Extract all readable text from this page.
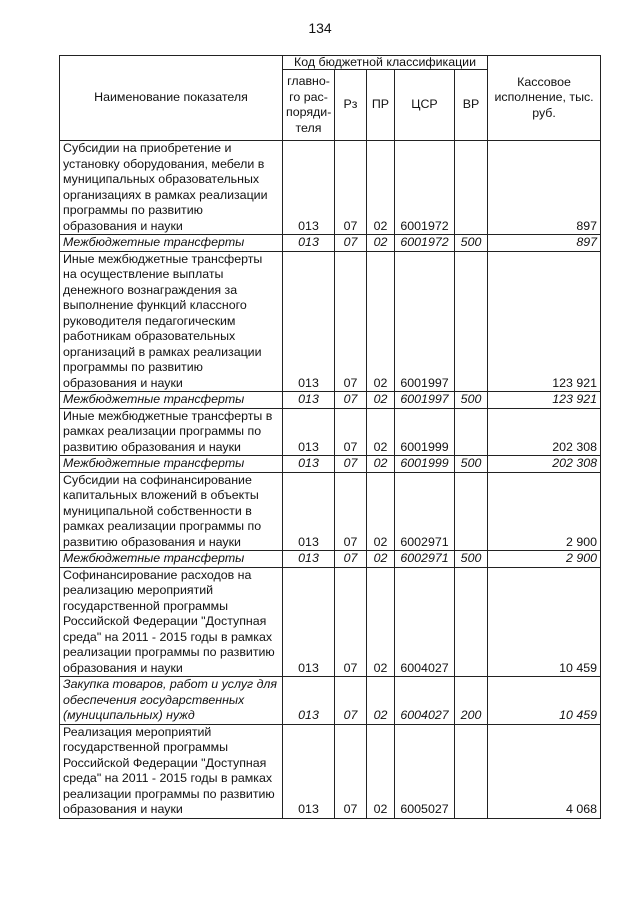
134
Наименование показателя	Код бюджетной классификации					Кассовое исполнение, тыс. руб.
	главно-го рас-поряди-теля	Рз	ПР	ЦСР	ВР	
Субсидии на приобретение и установку оборудования, мебели в муниципальных образовательных организациях в рамках реализации программы по развитию образования и науки	013	07	02	6001972		897
Межбюджетные трансферты	013	07	02	6001972	500	897
Иные межбюджетные трансферты на осуществление выплаты денежного вознаграждения за выполнение функций классного руководителя педагогическим работникам образовательных организаций в рамках реализации программы по развитию образования и науки	013	07	02	6001997		123 921
Межбюджетные трансферты	013	07	02	6001997	500	123 921
Иные межбюджетные трансферты в рамках реализации программы по развитию образования и науки	013	07	02	6001999		202 308
Межбюджетные трансферты	013	07	02	6001999	500	202 308
Субсидии на софинансирование капитальных вложений в объекты муниципальной собственности в рамках реализации программы по развитию образования и науки	013	07	02	6002971		2 900
Межбюджетные трансферты	013	07	02	6002971	500	2 900
Софинансирование расходов на реализацию мероприятий государственной программы Российской Федерации "Доступная среда" на 2011 - 2015 годы в рамках реализации программы по развитию образования и науки	013	07	02	6004027		10 459
Закупка товаров, работ и услуг для обеспечения государственных (муниципальных) нужд	013	07	02	6004027	200	10 459
Реализация мероприятий государственной программы Российской Федерации "Доступная среда" на 2011 - 2015 годы в рамках реализации программы по развитию образования и науки	013	07	02	6005027		4 068
